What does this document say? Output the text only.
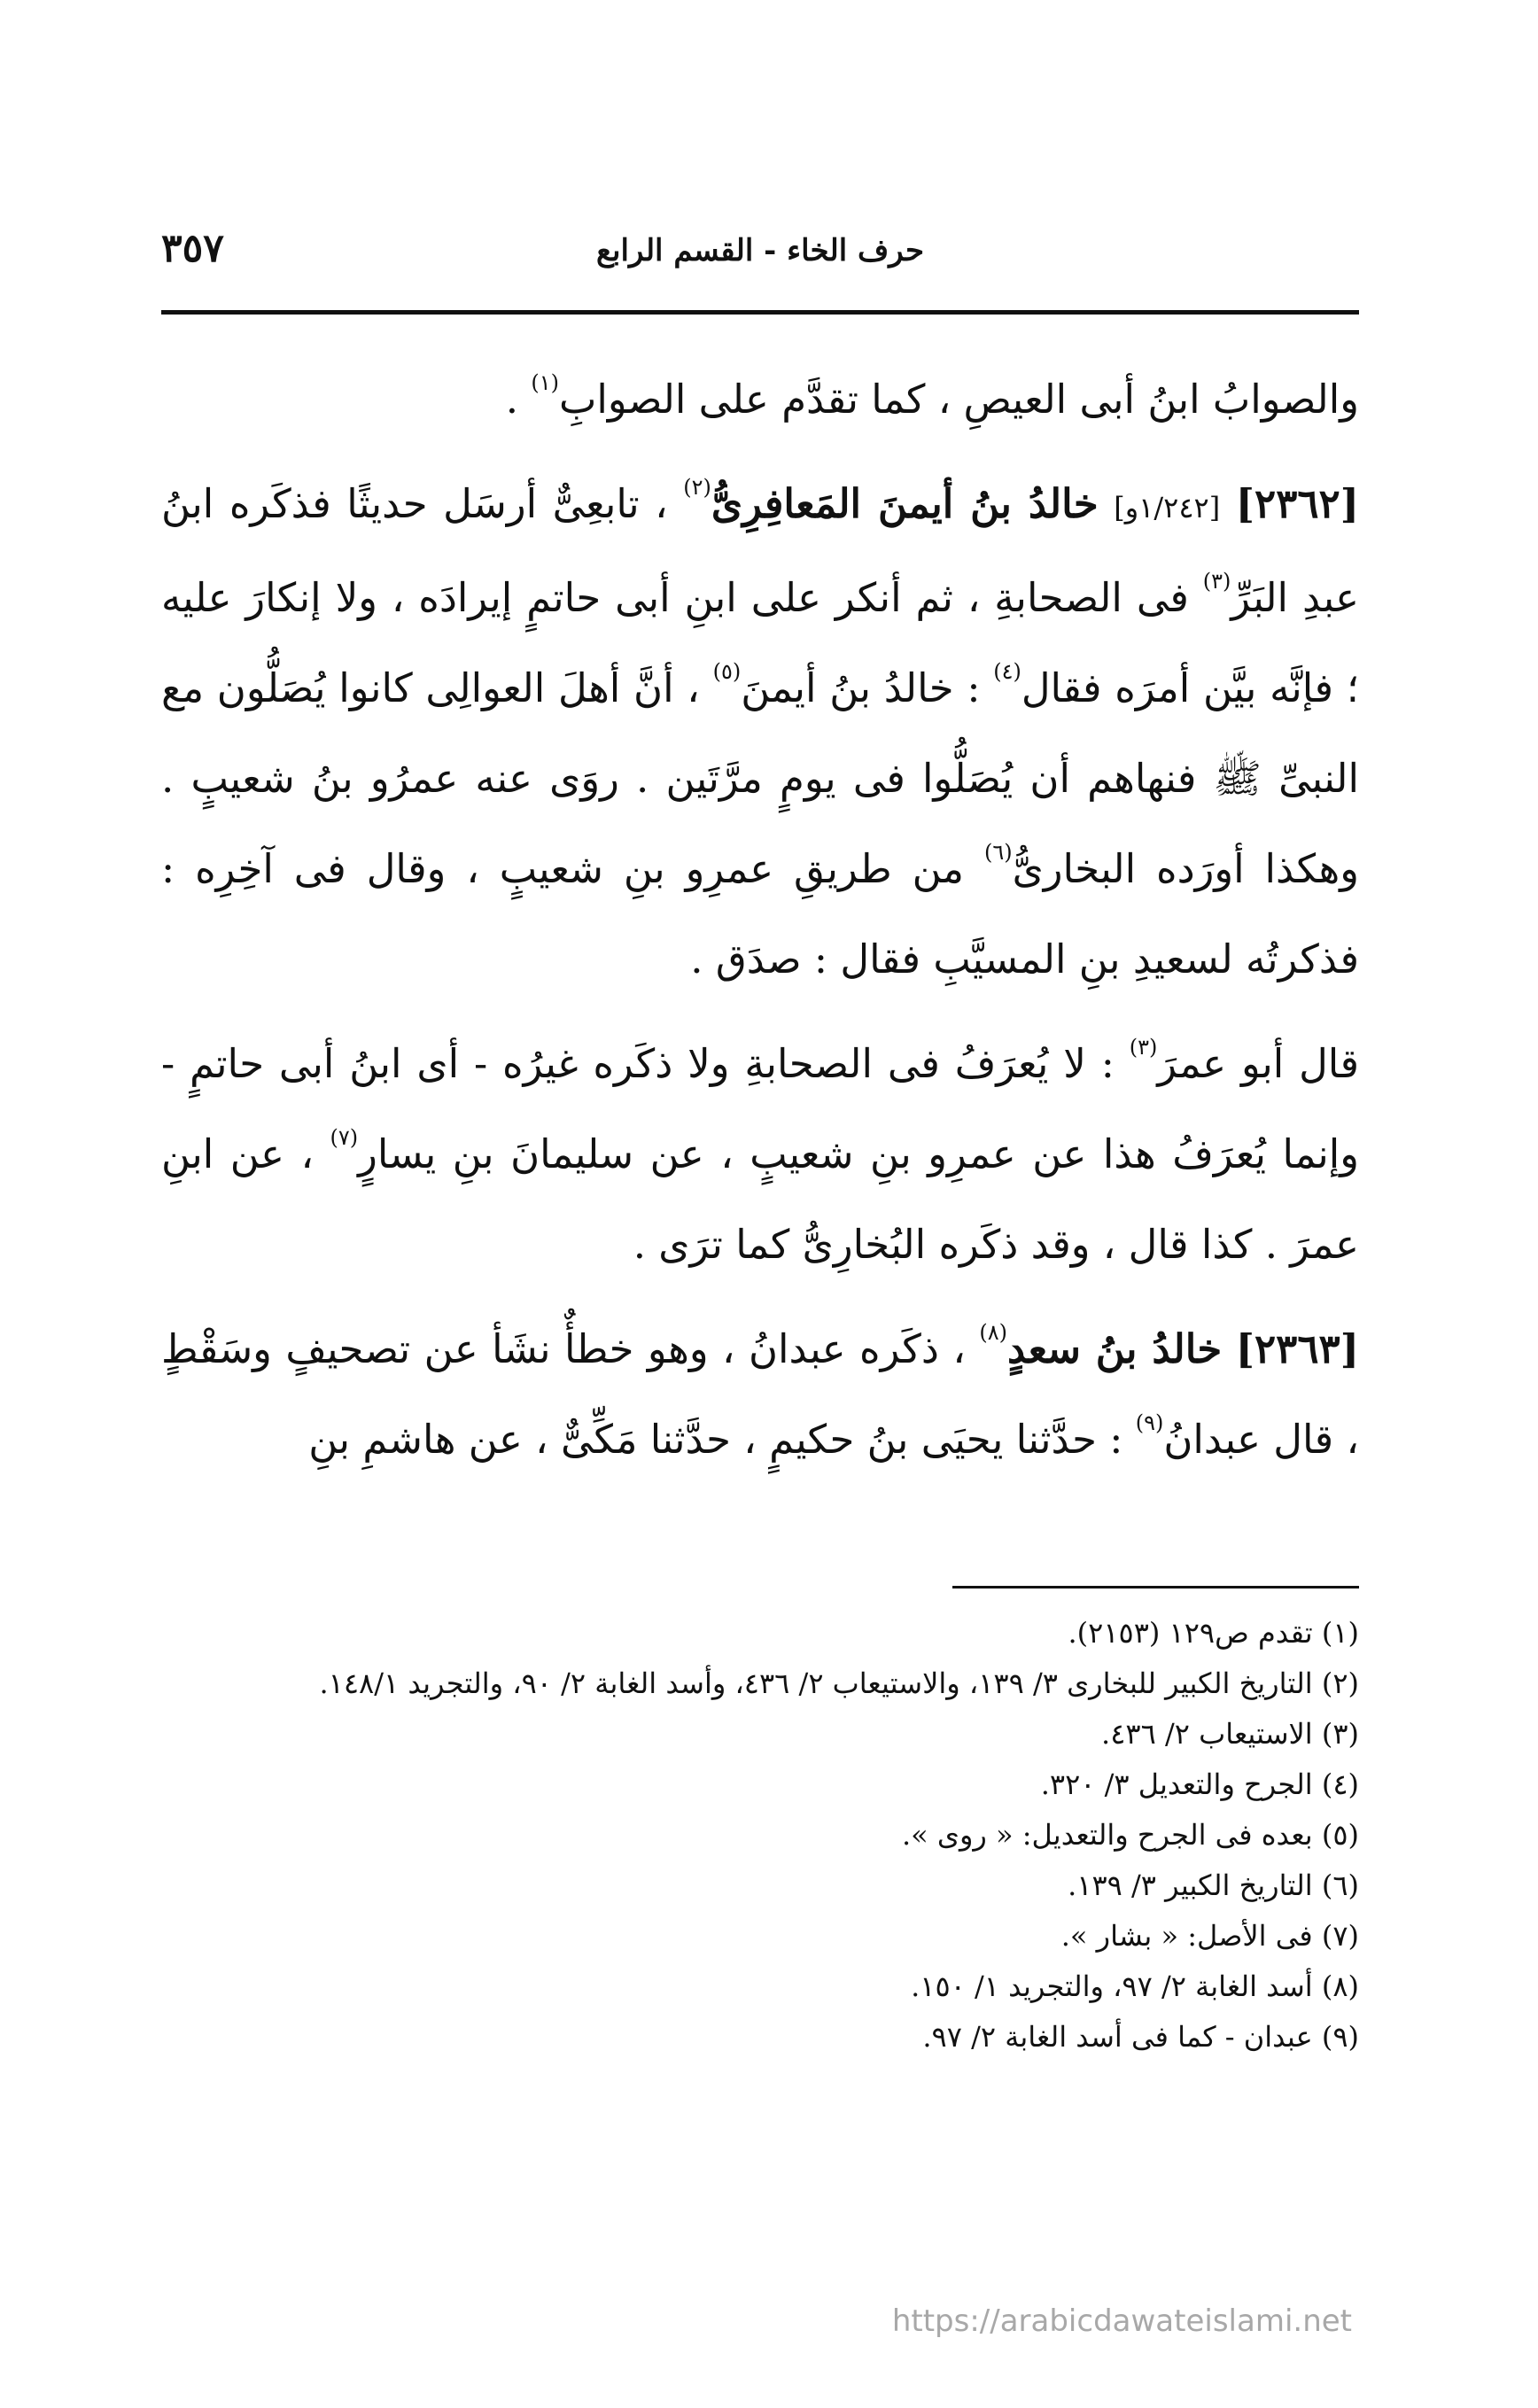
٣٥٧	حرف الخاء - القسم الرابع

والصوابُ ابنُ أبى العيصِ ، كما تقدَّم على الصوابِ$^{(١)}$ .

[٢٣٦٢] [١/٢٤٢و] خالدُ بنُ أيمنَ المَعافِرِىُّ$^{(٢)}$ ، تابعِىٌّ أرسَل حديثًا فذكَره ابنُ عبدِ البَرِّ$^{(٣)}$ فى الصحابةِ ، ثم أنكر على ابنِ أبى حاتمٍ إيرادَه ، ولا إنكارَ عليه ؛ فإنَّه بيَّن أمرَه فقال$^{(٤)}$ : خالدُ بنُ أيمنَ$^{(٥)}$ ، أنَّ أهلَ العوالِى كانوا يُصَلُّون مع النبىِّ ﷺ فنهاهم أن يُصَلُّوا فى يومٍ مرَّتَين . روَى عنه عمرُو بنُ شعيبٍ . وهكذا أورَده البخارىُّ$^{(٦)}$ من طريقِ عمرِو بنِ شعيبٍ ، وقال فى آخِرِه : فذكرتُه لسعيدِ بنِ المسيَّبِ فقال : صدَق .

قال أبو عمرَ$^{(٣)}$ : لا يُعرَفُ فى الصحابةِ ولا ذكَره غيرُه - أى ابنُ أبى حاتمٍ - وإنما يُعرَفُ هذا عن عمرِو بنِ شعيبٍ ، عن سليمانَ بنِ يسارٍ$^{(٧)}$ ، عن ابنِ عمرَ . كذا قال ، وقد ذكَره البُخارِىُّ كما ترَى .

[٢٣٦٣] خالدُ بنُ سعدٍ$^{(٨)}$ ، ذكَره عبدانُ ، وهو خطأٌ نشَأ عن تصحيفٍ وسَقْطٍ ، قال عبدانُ$^{(٩)}$ : حدَّثنا يحيَى بنُ حكيمٍ ، حدَّثنا مَكِّىٌّ ، عن هاشمِ بنِ

(١) تقدم ص١٢٩ (٢١٥٣).

(٢) التاريخ الكبير للبخارى ٣/ ١٣٩، والاستيعاب ٢/ ٤٣٦، وأسد الغابة ٢/ ٩٠، والتجريد ١٤٨/١.

(٣) الاستيعاب ٢/ ٤٣٦.

(٤) الجرح والتعديل ٣/ ٣٢٠.

(٥) بعده فى الجرح والتعديل: « روى ».

(٦) التاريخ الكبير ٣/ ١٣٩.

(٧) فى الأصل: « بشار ».

(٨) أسد الغابة ٢/ ٩٧، والتجريد ١/ ١٥٠.

(٩) عبدان - كما فى أسد الغابة ٢/ ٩٧.

https://arabicdawateislami.net
